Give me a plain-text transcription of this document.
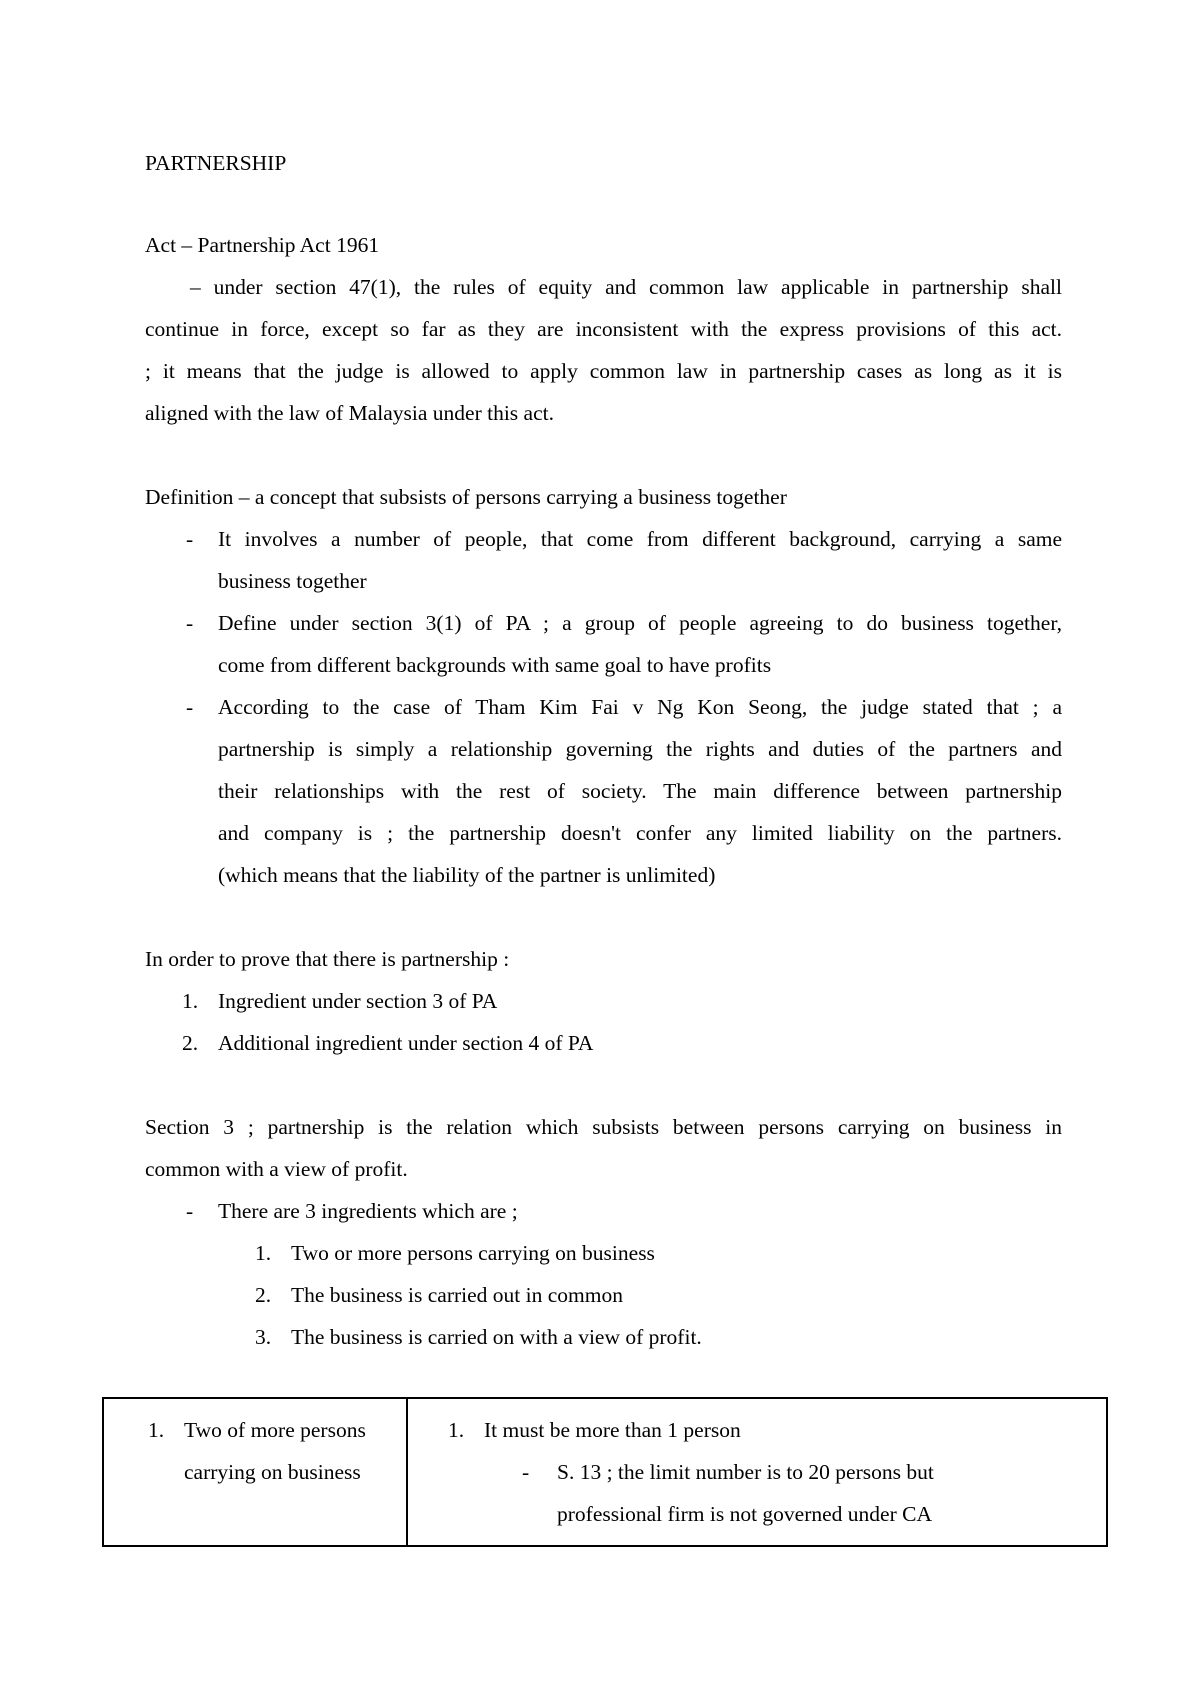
PARTNERSHIP
Act – Partnership Act 1961
– under section 47(1), the rules of equity and common law applicable in partnership shall
continue in force, except so far as they are inconsistent with the express provisions of this act.
; it means that the judge is allowed to apply common law in partnership cases as long as it is
aligned with the law of Malaysia under this act.
Definition – a concept that subsists of persons carrying a business together
- It involves a number of people, that come from different background, carrying a same
business together
- Define under section 3(1) of PA ; a group of people agreeing to do business together,
come from different backgrounds with same goal to have profits
- According to the case of Tham Kim Fai v Ng Kon Seong, the judge stated that ; a
partnership is simply a relationship governing the rights and duties of the partners and
their relationships with the rest of society. The main difference between partnership
and company is ; the partnership doesn't confer any limited liability on the partners.
(which means that the liability of the partner is unlimited)
In order to prove that there is partnership :
1. Ingredient under section 3 of PA
2. Additional ingredient under section 4 of PA
Section 3 ; partnership is the relation which subsists between persons carrying on business in
common with a view of profit.
- There are 3 ingredients which are ;
1. Two or more persons carrying on business
2. The business is carried out in common
3. The business is carried on with a view of profit.
1. Two of more persons
carrying on business
1. It must be more than 1 person
- S. 13 ; the limit number is to 20 persons but
professional firm is not governed under CA
